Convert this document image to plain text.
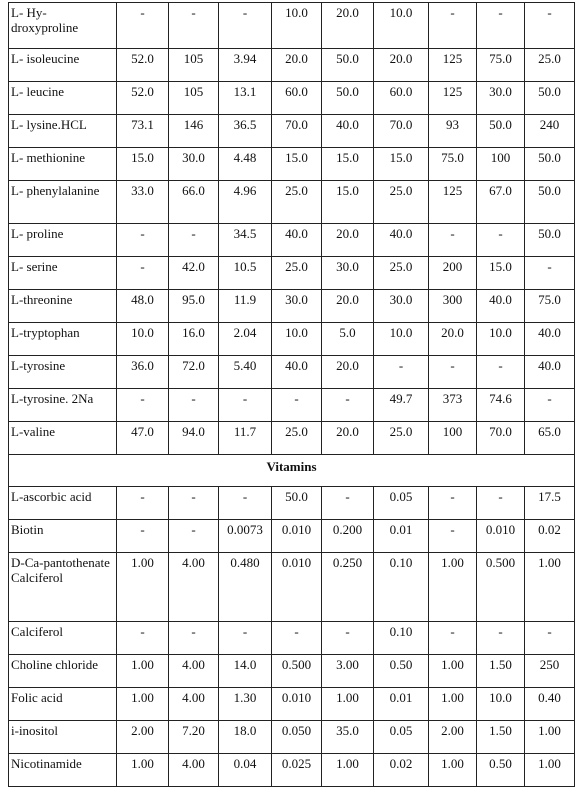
L- Hy-droxyproline	-	-	-	10.0	20.0	10.0	-	-	-
L- isoleucine	52.0	105	3.94	20.0	50.0	20.0	125	75.0	25.0
L- leucine	52.0	105	13.1	60.0	50.0	60.0	125	30.0	50.0
L- lysine.HCL	73.1	146	36.5	70.0	40.0	70.0	93	50.0	240
L- methionine	15.0	30.0	4.48	15.0	15.0	15.0	75.0	100	50.0
L- phenylalanine	33.0	66.0	4.96	25.0	15.0	25.0	125	67.0	50.0
L- proline	-	-	34.5	40.0	20.0	40.0	-	-	50.0
L- serine	-	42.0	10.5	25.0	30.0	25.0	200	15.0	-
L-threonine	48.0	95.0	11.9	30.0	20.0	30.0	300	40.0	75.0
L-tryptophan	10.0	16.0	2.04	10.0	5.0	10.0	20.0	10.0	40.0
L-tyrosine	36.0	72.0	5.40	40.0	20.0	-	-	-	40.0
L-tyrosine. 2Na	-	-	-	-	-	49.7	373	74.6	-
L-valine	47.0	94.0	11.7	25.0	20.0	25.0	100	70.0	65.0
Vitamins									
L-ascorbic acid	-	-	-	50.0	-	0.05	-	-	17.5
Biotin	-	-	0.0073	0.010	0.200	0.01	-	0.010	0.02
D-Ca-pantothenate Calciferol	1.00	4.00	0.480	0.010	0.250	0.10	1.00	0.500	1.00
Calciferol	-	-	-	-	-	0.10	-	-	-
Choline chloride	1.00	4.00	14.0	0.500	3.00	0.50	1.00	1.50	250
Folic acid	1.00	4.00	1.30	0.010	1.00	0.01	1.00	10.0	0.40
i-inositol	2.00	7.20	18.0	0.050	35.0	0.05	2.00	1.50	1.00
Nicotinamide	1.00	4.00	0.04	0.025	1.00	0.02	1.00	0.50	1.00
